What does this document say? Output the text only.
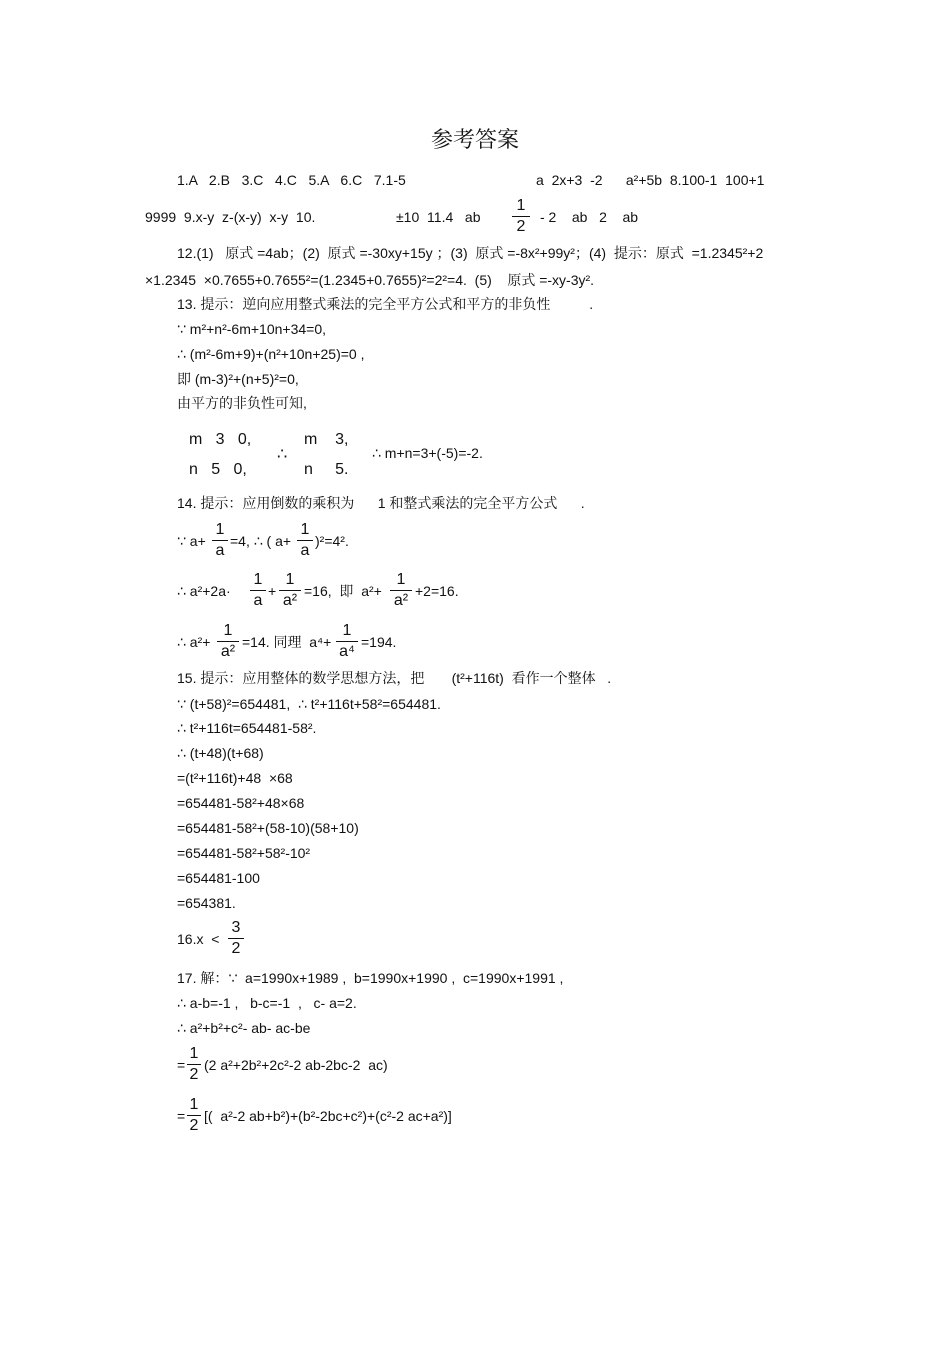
参考答案
1.A   2.B   3.C   4.C   5.A   6.C   7.1-5	a  2x+3  -2      a²+5b  8.100-1  100+1
9999  9.x-y  z-(x-y)  x-y  10.	±10  11.4   ab
1
2
- 2    ab   2    ab
12.(1)   原式 =4ab；(2)  原式 =-30xy+15y ；(3)  原式 =-8x²+99y²；(4)  提示：原式  =1.2345²+2
×1.2345  ×0.7655+0.7655²=(1.2345+0.7655)²=2²=4.  (5)    原式 =-xy-3y².
13. 提示：逆向应用整式乘法的完全平方公式和平方的非负性          .
∵ m²+n²-6m+10n+34=0,
∴ (m²-6m+9)+(n²+10n+25)=0 ,
即 (m-3)²+(n+5)²=0,
由平方的非负性可知,
m   3   0,
n   5   0,
∴
m    3,
n     5.
∴ m+n=3+(-5)=-2.
14. 提示：应用倒数的乘积为      1 和整式乘法的完全平方公式      .
∵ a+
1
a
=4, ∴ ( a+
1
a
)²=4².
∴ a²+2a·
1
a
+
1
a²
=16,  即  a²+
1
a²
+2=16.
∴ a²+
1
a²
=14. 同理  a⁴+
1
a⁴
=194.
15. 提示：应用整体的数学思想方法，把       (t²+116t)  看作一个整体   .
∵ (t+58)²=654481,  ∴ t²+116t+58²=654481.
∴ t²+116t=654481-58².
∴ (t+48)(t+68)
=(t²+116t)+48  ×68
=654481-58²+48×68
=654481-58²+(58-10)(58+10)
=654481-58²+58²-10²
=654481-100
=654381.
16.x  <
3
2
17. 解：∵  a=1990x+1989 ,  b=1990x+1990 ,  c=1990x+1991 ,
∴ a-b=-1 ,   b-c=-1  ,   c- a=2.
∴ a²+b²+c²- ab- ac-be
=
1
2
(2 a²+2b²+2c²-2 ab-2bc-2  ac)
=
1
2
[(  a²-2 ab+b²)+(b²-2bc+c²)+(c²-2 ac+a²)]
